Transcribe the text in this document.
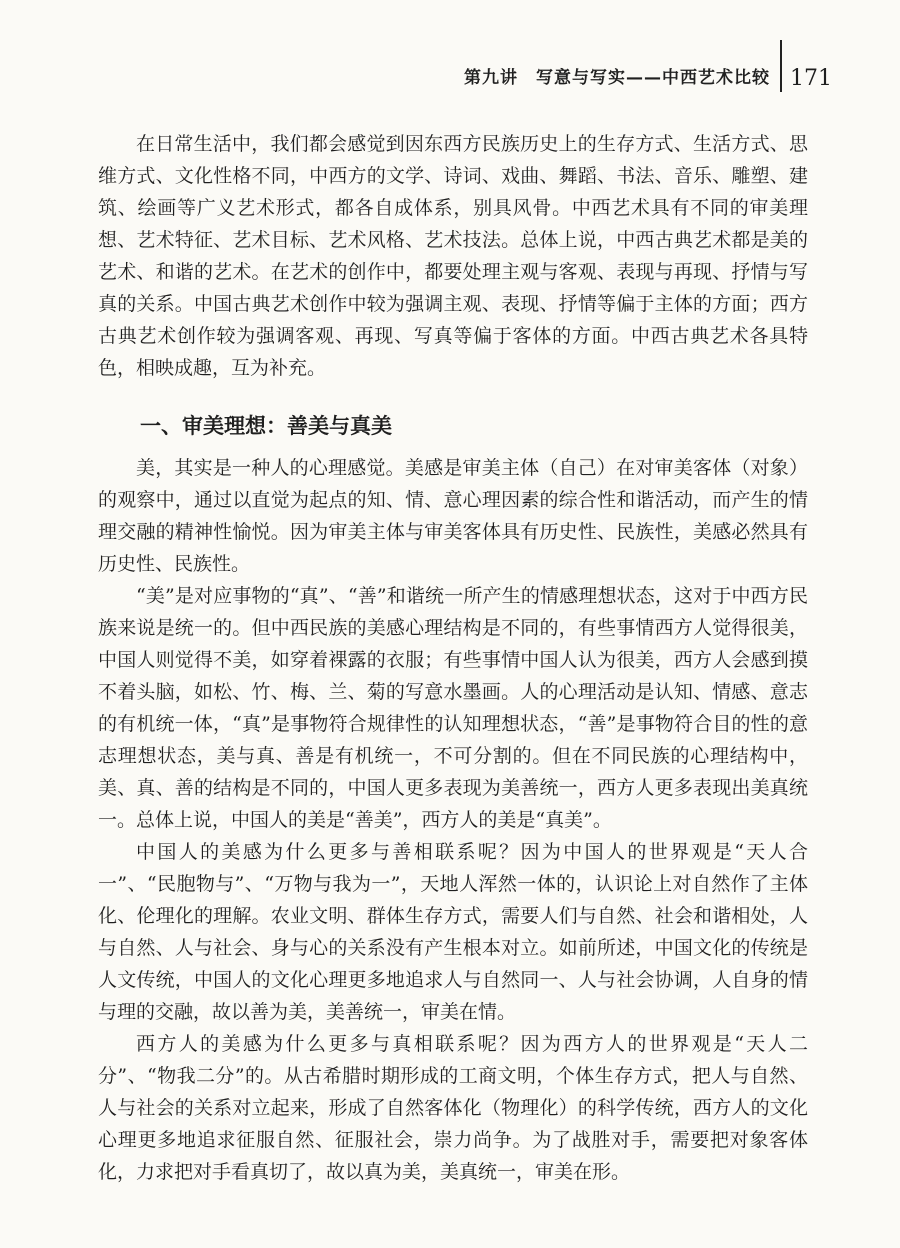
第九讲　写意与写实——中西艺术比较 171

在日常生活中，我们都会感觉到因东西方民族历史上的生存方式、生活方式、思维方式、文化性格不同，中西方的文学、诗词、戏曲、舞蹈、书法、音乐、雕塑、建筑、绘画等广义艺术形式，都各自成体系，别具风骨。中西艺术具有不同的审美理想、艺术特征、艺术目标、艺术风格、艺术技法。总体上说，中西古典艺术都是美的艺术、和谐的艺术。在艺术的创作中，都要处理主观与客观、表现与再现、抒情与写真的关系。中国古典艺术创作中较为强调主观、表现、抒情等偏于主体的方面；西方古典艺术创作较为强调客观、再现、写真等偏于客体的方面。中西古典艺术各具特色，相映成趣，互为补充。

一、审美理想：善美与真美

美，其实是一种人的心理感觉。美感是审美主体（自己）在对审美客体（对象）的观察中，通过以直觉为起点的知、情、意心理因素的综合性和谐活动，而产生的情理交融的精神性愉悦。因为审美主体与审美客体具有历史性、民族性，美感必然具有历史性、民族性。

“美”是对应事物的“真”、“善”和谐统一所产生的情感理想状态，这对于中西方民族来说是统一的。但中西民族的美感心理结构是不同的，有些事情西方人觉得很美，中国人则觉得不美，如穿着裸露的衣服；有些事情中国人认为很美，西方人会感到摸不着头脑，如松、竹、梅、兰、菊的写意水墨画。人的心理活动是认知、情感、意志的有机统一体，“真”是事物符合规律性的认知理想状态，“善”是事物符合目的性的意志理想状态，美与真、善是有机统一，不可分割的。但在不同民族的心理结构中，美、真、善的结构是不同的，中国人更多表现为美善统一，西方人更多表现出美真统一。总体上说，中国人的美是“善美”，西方人的美是“真美”。

中国人的美感为什么更多与善相联系呢？因为中国人的世界观是“天人合一”、“民胞物与”、“万物与我为一”，天地人浑然一体的，认识论上对自然作了主体化、伦理化的理解。农业文明、群体生存方式，需要人们与自然、社会和谐相处，人与自然、人与社会、身与心的关系没有产生根本对立。如前所述，中国文化的传统是人文传统，中国人的文化心理更多地追求人与自然同一、人与社会协调，人自身的情与理的交融，故以善为美，美善统一，审美在情。

西方人的美感为什么更多与真相联系呢？因为西方人的世界观是“天人二分”、“物我二分”的。从古希腊时期形成的工商文明，个体生存方式，把人与自然、人与社会的关系对立起来，形成了自然客体化（物理化）的科学传统，西方人的文化心理更多地追求征服自然、征服社会，崇力尚争。为了战胜对手，需要把对象客体化，力求把对手看真切了，故以真为美，美真统一，审美在形。
